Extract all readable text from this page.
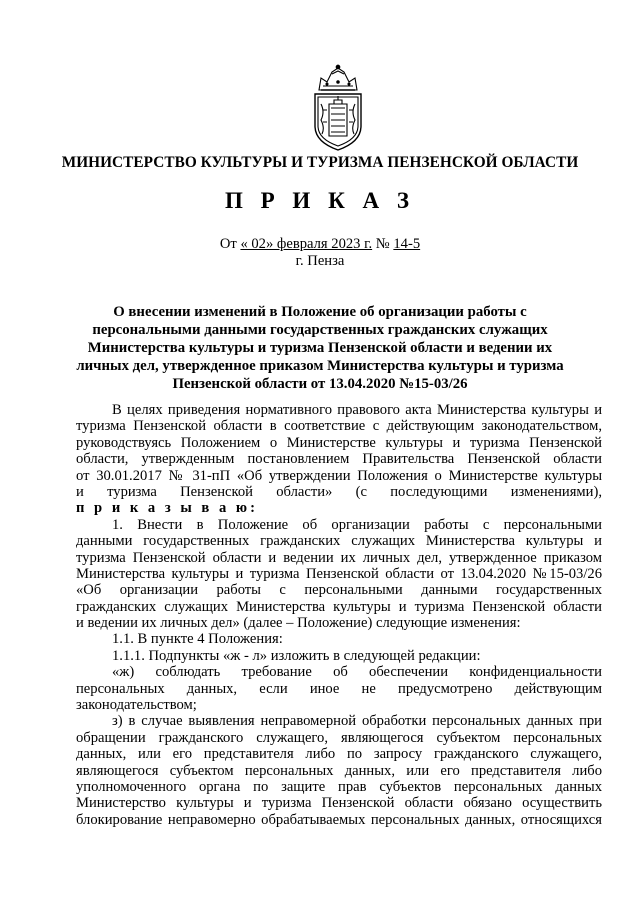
МИНИСТЕРСТВО КУЛЬТУРЫ И ТУРИЗМА ПЕНЗЕНСКОЙ ОБЛАСТИ
П Р И К А З
От « 02» февраля 2023 г. № 14-5
г. Пенза
О внесении изменений в Положение об организации работы с
персональными данными государственных гражданских служащих
Министерства культуры и туризма Пензенской области и ведении их
личных дел, утвержденное приказом Министерства культуры и туризма
Пензенской области от 13.04.2020 №15-03/26
В целях приведения нормативного правового акта Министерства культуры и
туризма Пензенской области в соответствие с действующим законодательством,
руководствуясь Положением о Министерстве культуры и туризма Пензенской
области, утвержденным постановлением Правительства Пензенской области
от 30.01.2017 № 31-пП «Об утверждении Положения о Министерстве культуры
и туризма Пензенской области» (с последующими изменениями),
п р и к а з ы в а ю:
1. Внести в Положение об организации работы с персональными
данными государственных гражданских служащих Министерства культуры и
туризма Пензенской области и ведении их личных дел, утвержденное приказом
Министерства культуры и туризма Пензенской области от 13.04.2020 №15-03/26
«Об организации работы с персональными данными государственных
гражданских служащих Министерства культуры и туризма Пензенской области
и ведении их личных дел» (далее – Положение) следующие изменения:
1.1. В пункте 4 Положения:
1.1.1. Подпункты «ж - л» изложить в следующей редакции:
«ж) соблюдать требование об обеспечении конфиденциальности
персональных данных, если иное не предусмотрено действующим
законодательством;
з) в случае выявления неправомерной обработки персональных данных при
обращении гражданского служащего, являющегося субъектом персональных
данных, или его представителя либо по запросу гражданского служащего,
являющегося субъектом персональных данных, или его представителя либо
уполномоченного органа по защите прав субъектов персональных данных
Министерство культуры и туризма Пензенской области обязано осуществить
блокирование неправомерно обрабатываемых персональных данных, относящихся
